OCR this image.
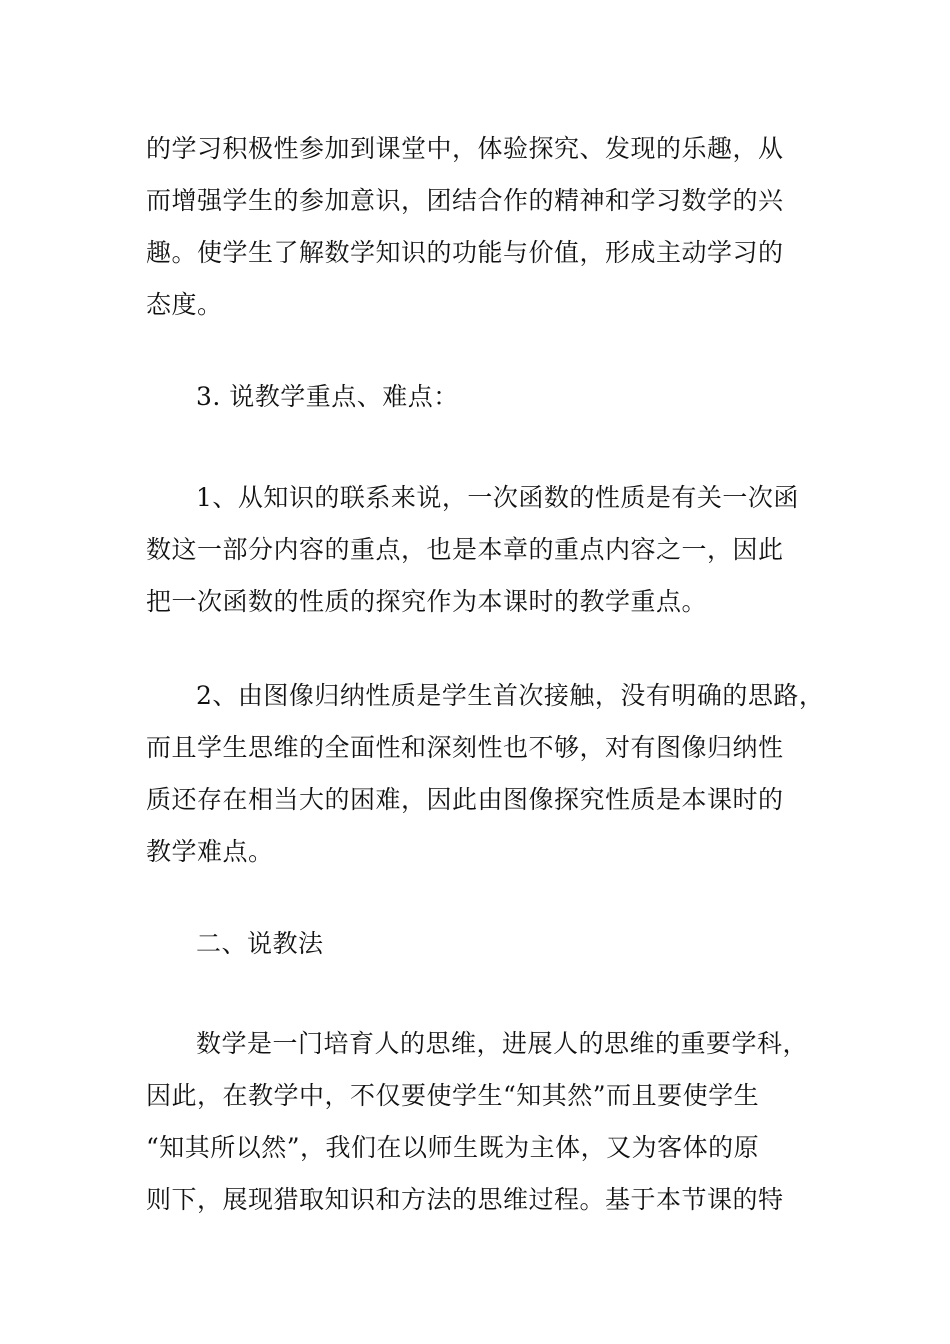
的学习积极性参加到课堂中，体验探究、发现的乐趣，从
而增强学生的参加意识，团结合作的精神和学习数学的兴
趣。使学生了解数学知识的功能与价值，形成主动学习的
态度。
3. 说教学重点、难点：
1、从知识的联系来说，一次函数的性质是有关一次函
数这一部分内容的重点，也是本章的重点内容之一，因此
把一次函数的性质的探究作为本课时的教学重点。
2、由图像归纳性质是学生首次接触，没有明确的思路，
而且学生思维的全面性和深刻性也不够，对有图像归纳性
质还存在相当大的困难，因此由图像探究性质是本课时的
教学难点。
二、说教法
数学是一门培育人的思维，进展人的思维的重要学科，
因此，在教学中，不仅要使学生“知其然”而且要使学生
“知其所以然”，我们在以师生既为主体，又为客体的原
则下，展现猎取知识和方法的思维过程。基于本节课的特
